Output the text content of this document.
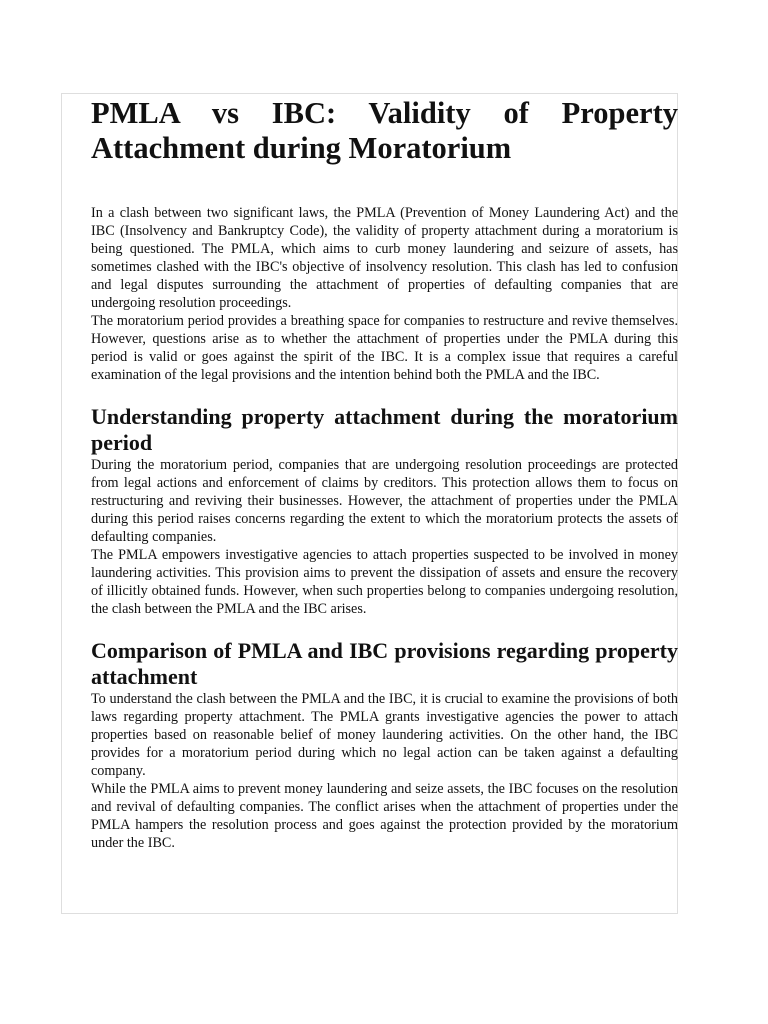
PMLA vs IBC: Validity of Property Attachment during Moratorium

In a clash between two significant laws, the PMLA (Prevention of Money Laundering Act) and the IBC (Insolvency and Bankruptcy Code), the validity of property attachment during a moratorium is being questioned. The PMLA, which aims to curb money laundering and seizure of assets, has sometimes clashed with the IBC's objective of insolvency resolution. This clash has led to confusion and legal disputes surrounding the attachment of properties of defaulting companies that are undergoing resolution proceedings.

The moratorium period provides a breathing space for companies to restructure and revive themselves. However, questions arise as to whether the attachment of properties under the PMLA during this period is valid or goes against the spirit of the IBC. It is a complex issue that requires a careful examination of the legal provisions and the intention behind both the PMLA and the IBC.

Understanding property attachment during the moratorium period

During the moratorium period, companies that are undergoing resolution proceedings are protected from legal actions and enforcement of claims by creditors. This protection allows them to focus on restructuring and reviving their businesses. However, the attachment of properties under the PMLA during this period raises concerns regarding the extent to which the moratorium protects the assets of defaulting companies.

The PMLA empowers investigative agencies to attach properties suspected to be involved in money laundering activities. This provision aims to prevent the dissipation of assets and ensure the recovery of illicitly obtained funds. However, when such properties belong to companies undergoing resolution, the clash between the PMLA and the IBC arises.

Comparison of PMLA and IBC provisions regarding property attachment

To understand the clash between the PMLA and the IBC, it is crucial to examine the provisions of both laws regarding property attachment. The PMLA grants investigative agencies the power to attach properties based on reasonable belief of money laundering activities. On the other hand, the IBC provides for a moratorium period during which no legal action can be taken against a defaulting company.

While the PMLA aims to prevent money laundering and seize assets, the IBC focuses on the resolution and revival of defaulting companies. The conflict arises when the attachment of properties under the PMLA hampers the resolution process and goes against the protection provided by the moratorium under the IBC.
